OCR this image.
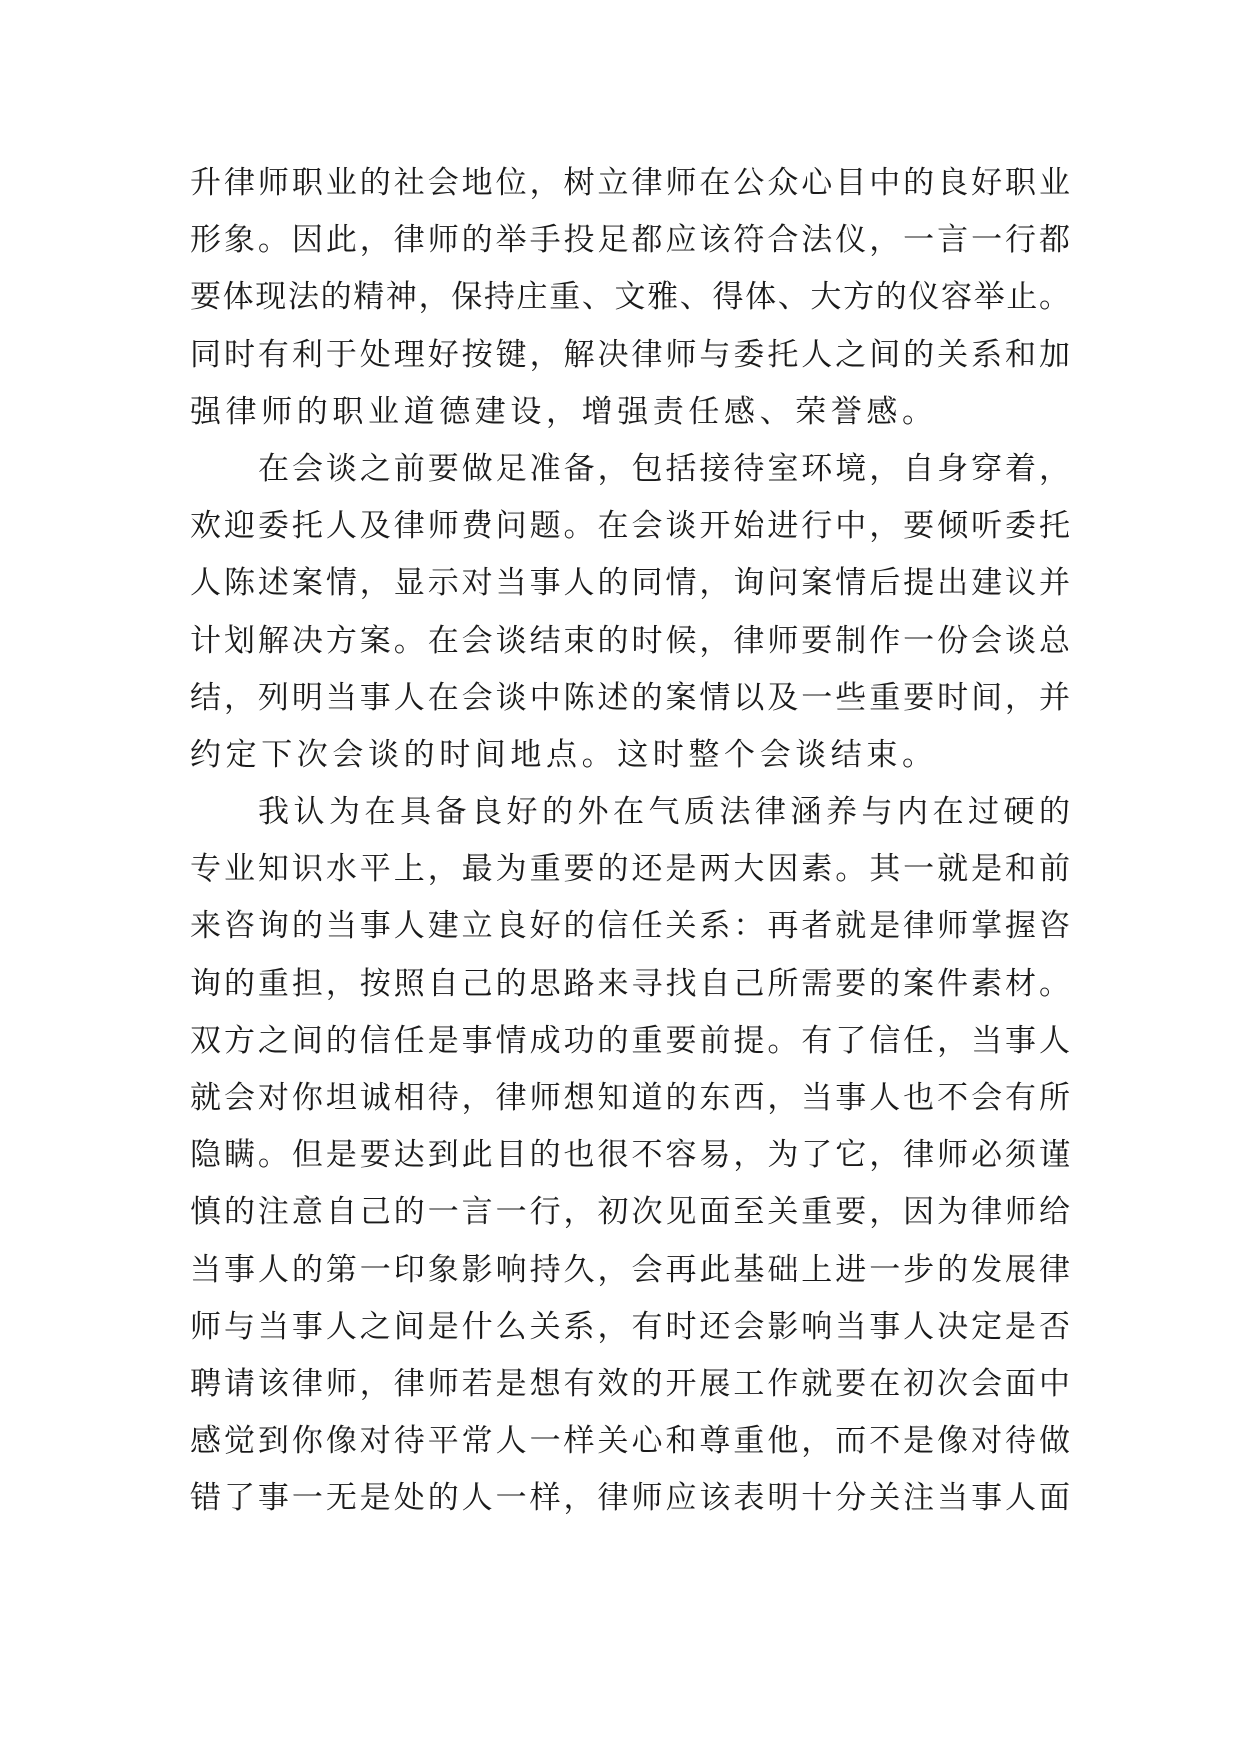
升律师职业的社会地位，树立律师在公众心目中的良好职业
形象。因此，律师的举手投足都应该符合法仪，一言一行都
要体现法的精神，保持庄重、文雅、得体、大方的仪容举止。
同时有利于处理好按键，解决律师与委托人之间的关系和加
强律师的职业道德建设，增强责任感、荣誉感。
在会谈之前要做足准备，包括接待室环境，自身穿着，
欢迎委托人及律师费问题。在会谈开始进行中，要倾听委托
人陈述案情，显示对当事人的同情，询问案情后提出建议并
计划解决方案。在会谈结束的时候，律师要制作一份会谈总
结，列明当事人在会谈中陈述的案情以及一些重要时间，并
约定下次会谈的时间地点。这时整个会谈结束。
我认为在具备良好的外在气质法律涵养与内在过硬的
专业知识水平上，最为重要的还是两大因素。其一就是和前
来咨询的当事人建立良好的信任关系：再者就是律师掌握咨
询的重担，按照自己的思路来寻找自己所需要的案件素材。
双方之间的信任是事情成功的重要前提。有了信任，当事人
就会对你坦诚相待，律师想知道的东西，当事人也不会有所
隐瞒。但是要达到此目的也很不容易，为了它，律师必须谨
慎的注意自己的一言一行，初次见面至关重要，因为律师给
当事人的第一印象影响持久，会再此基础上进一步的发展律
师与当事人之间是什么关系，有时还会影响当事人决定是否
聘请该律师，律师若是想有效的开展工作就要在初次会面中
感觉到你像对待平常人一样关心和尊重他，而不是像对待做
错了事一无是处的人一样，律师应该表明十分关注当事人面
